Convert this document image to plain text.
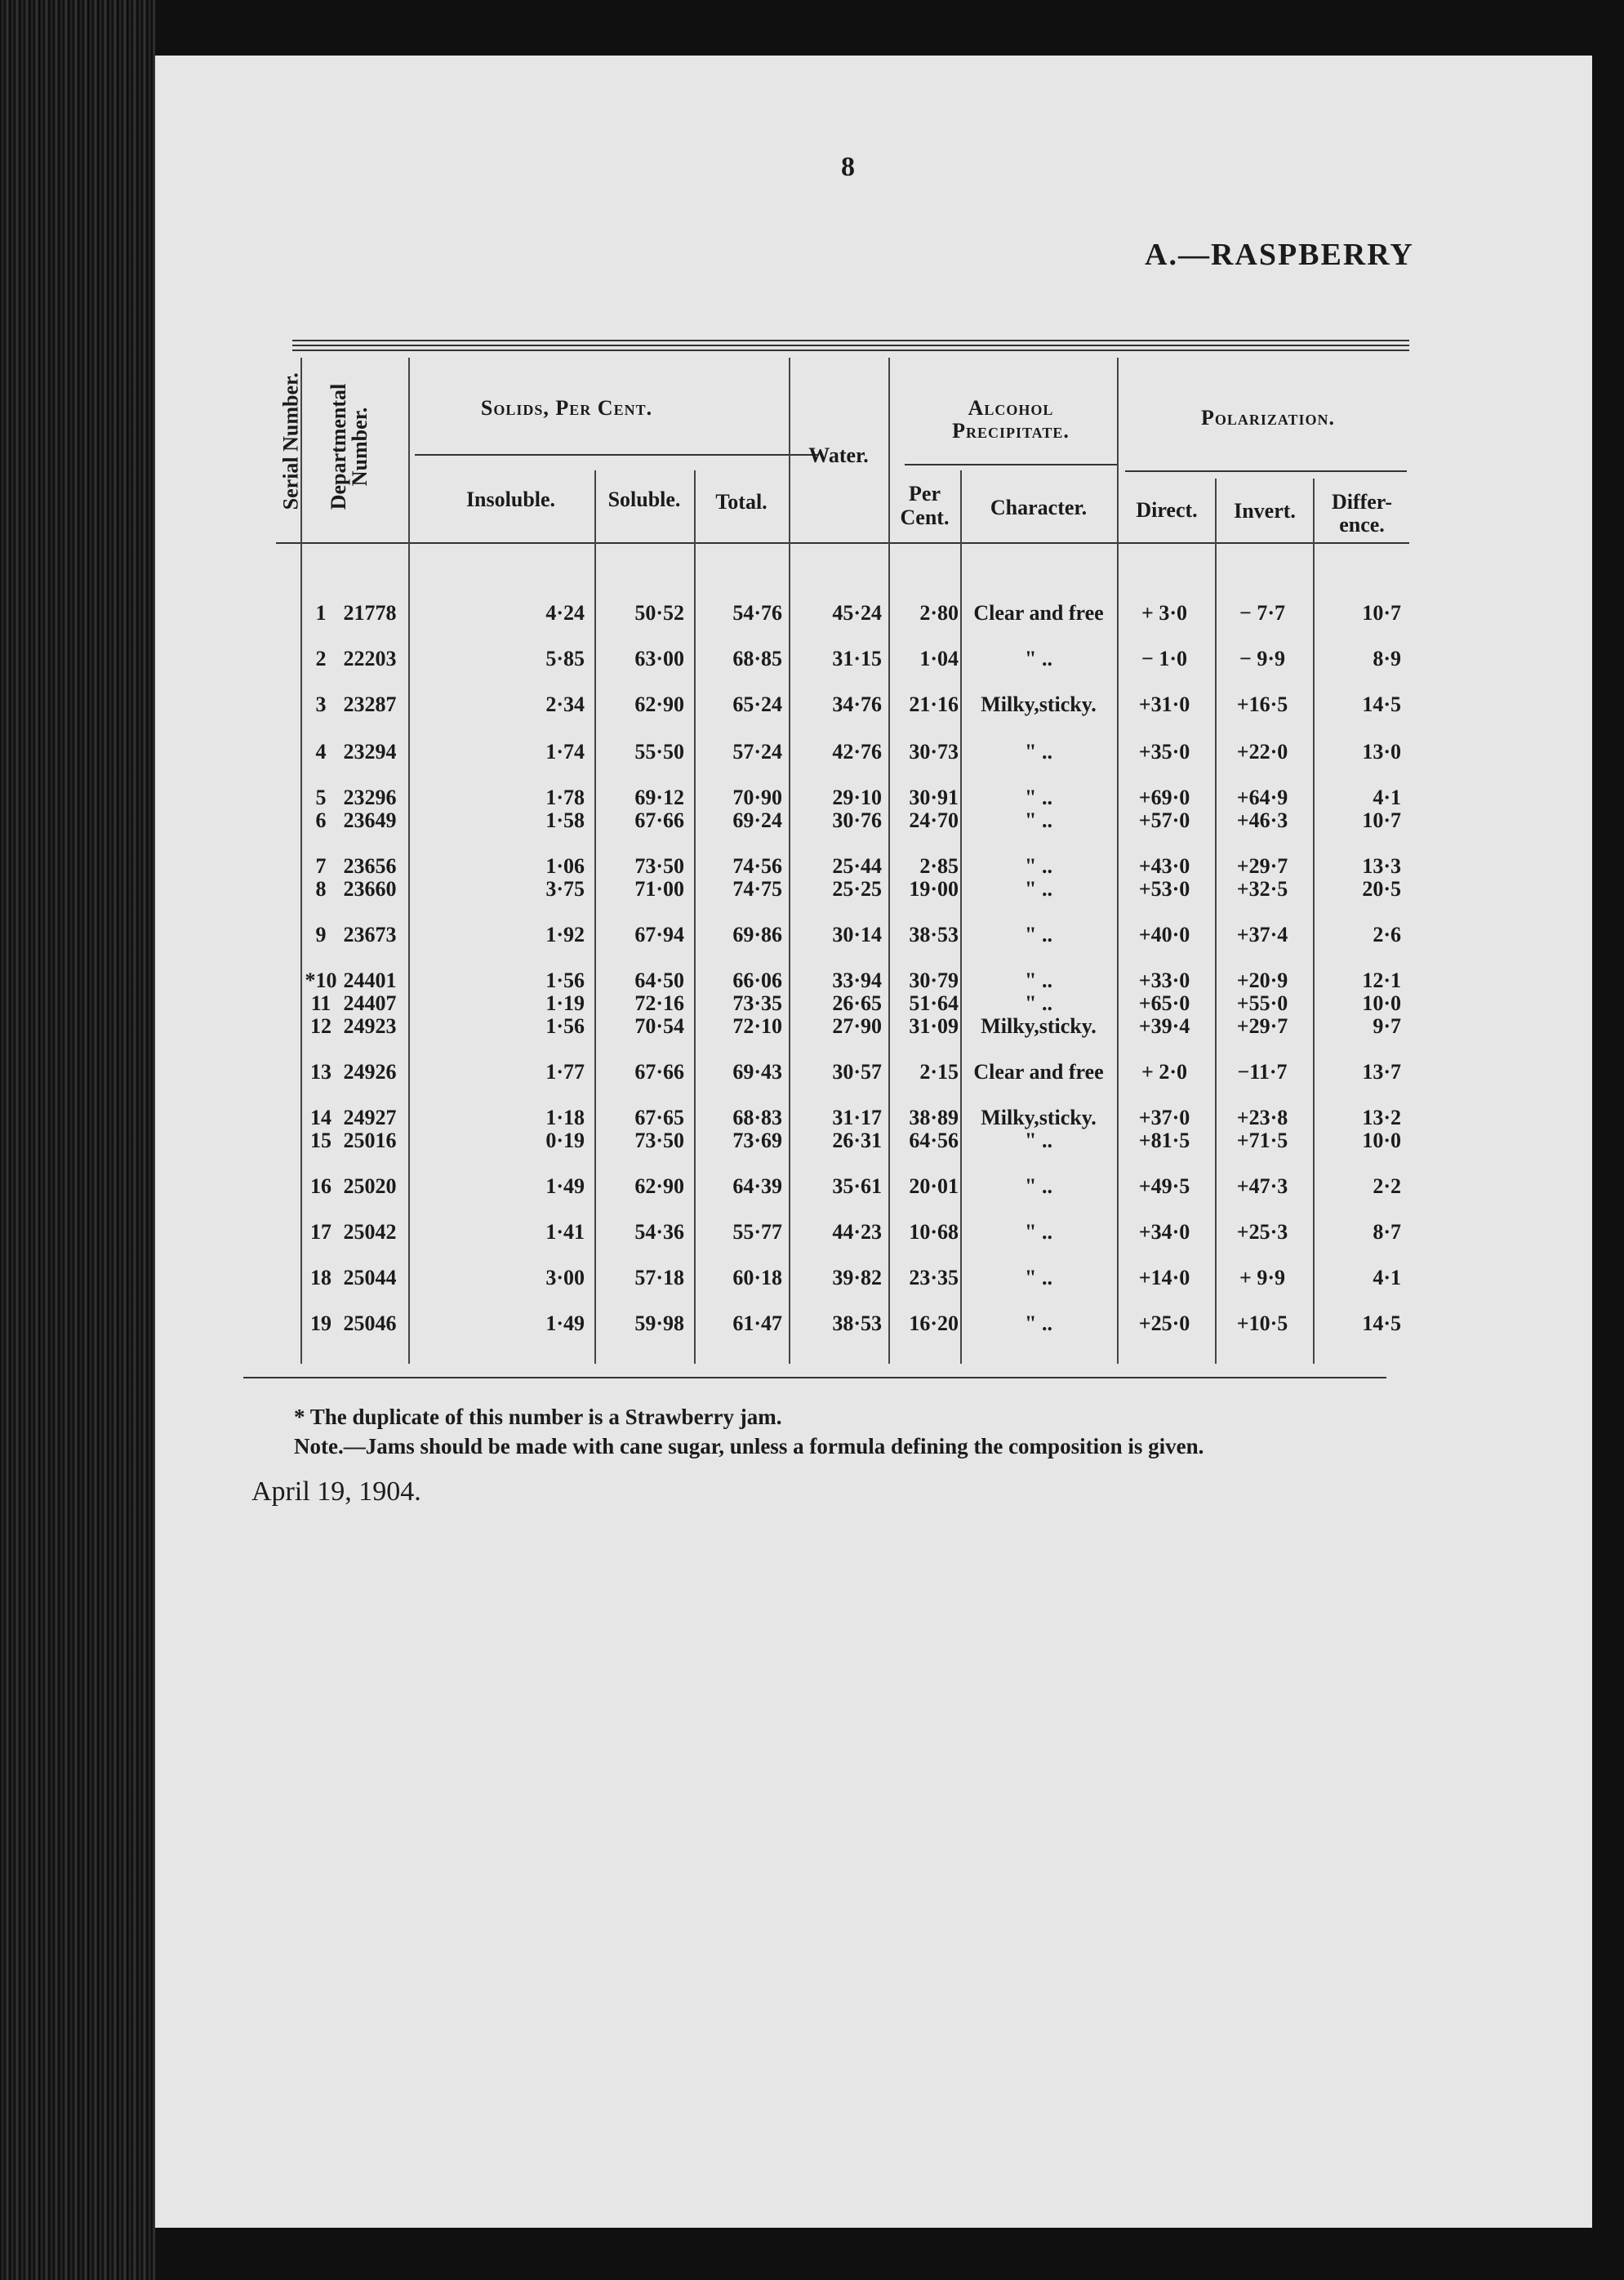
8
A.—RASPBERRY
Serial Number. Departmental Number.	Solids, Per Cent.
Water.
Alcohol
Precipitate.
Polarization.
Insoluble.	Soluble.	Total.	Per
Cent.	Character.	Direct.	Invert.	Differ-
ence.
1 21778	4·24	50·52	54·76	45·24	2·80 Clear and free	+ 3·0	− 7·7	10·7
2 22203	5·85	63·00	68·85	31·15	1·04	" ..	− 1·0	− 9·9	8·9
3 23287	2·34	62·90	65·24	34·76	21·16	Milky,sticky.	+31·0	+16·5	14·5
4 23294	1·74	55·50	57·24	42·76	30·73	" ..	+35·0	+22·0	13·0
5 23296	1·78	69·12	70·90	29·10	30·91	" ..	+69·0	+64·9	4·1
6 23649	1·58	67·66	69·24	30·76	24·70	" ..	+57·0	+46·3	10·7
7 23656	1·06	73·50	74·56	25·44	2·85	" ..	+43·0	+29·7	13·3
8 23660	3·75	71·00	74·75	25·25	19·00	" ..	+53·0	+32·5	20·5
9 23673	1·92	67·94	69·86	30·14	38·53	" ..	+40·0	+37·4	2·6
*10 24401	1·56	64·50	66·06	33·94	30·79	" ..	+33·0	+20·9	12·1
11 24407	1·19	72·16	73·35	26·65	51·64	" ..	+65·0	+55·0	10·0
12 24923	1·56	70·54	72·10	27·90	31·09	Milky,sticky.	+39·4	+29·7	9·7
13 24926	1·77	67·66	69·43	30·57	2·15 Clear and free	+ 2·0	−11·7	13·7
14 24927	1·18	67·65	68·83	31·17	38·89	Milky,sticky.	+37·0	+23·8	13·2
15 25016	0·19	73·50	73·69	26·31	64·56	" ..	+81·5	+71·5	10·0
16 25020	1·49	62·90	64·39	35·61	20·01	" ..	+49·5	+47·3	2·2
17 25042	1·41	54·36	55·77	44·23	10·68	" ..	+34·0	+25·3	8·7
18 25044	3·00	57·18	60·18	39·82	23·35	" ..	+14·0	+ 9·9	4·1
19 25046	1·49	59·98	61·47	38·53	16·20	" ..	+25·0	+10·5	14·5
* The duplicate of this number is a Strawberry jam.
Note.—Jams should be made with cane sugar, unless a formula defining the composition is given.
April 19, 1904.
